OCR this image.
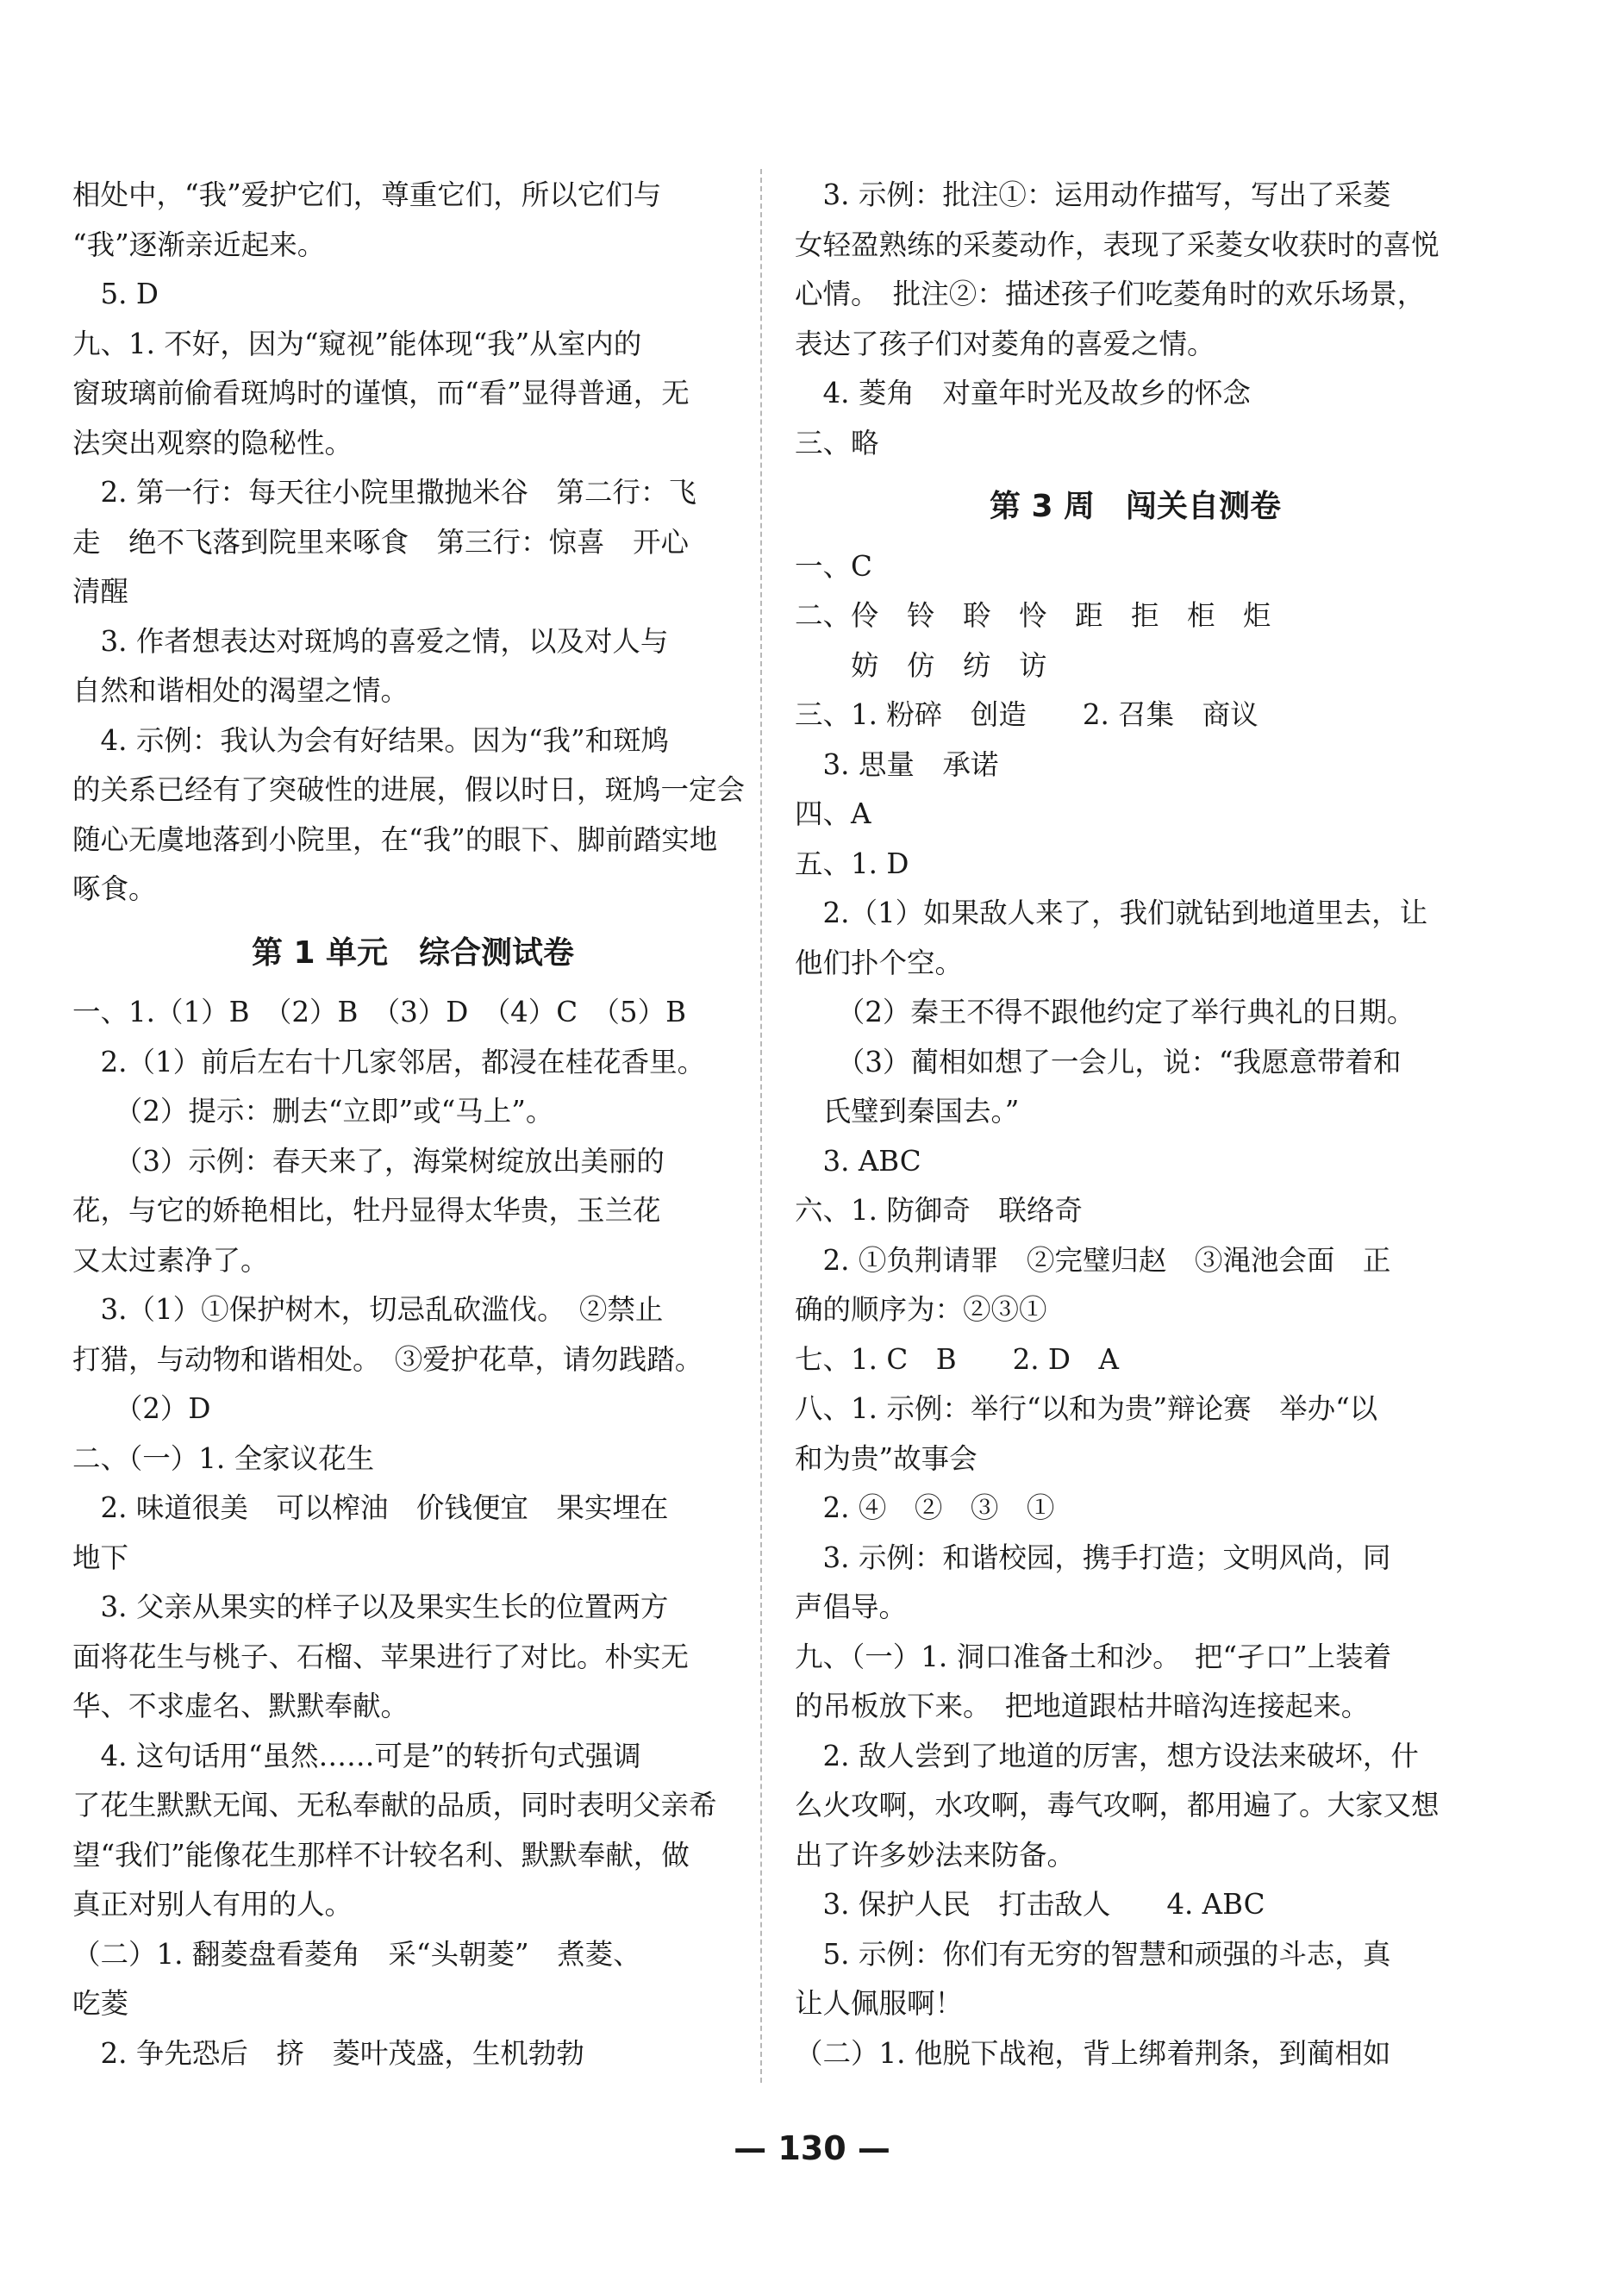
相处中，“我”爱护它们，尊重它们，所以它们与
“我”逐渐亲近起来。
　5. D
九、1. 不好，因为“窥视”能体现“我”从室内的
窗玻璃前偷看斑鸠时的谨慎，而“看”显得普通，无
法突出观察的隐秘性。
　2. 第一行：每天往小院里撒抛米谷　第二行：飞
走　绝不飞落到院里来啄食　第三行：惊喜　开心
清醒
　3. 作者想表达对斑鸠的喜爱之情，以及对人与
自然和谐相处的渴望之情。
　4. 示例：我认为会有好结果。因为“我”和斑鸠
的关系已经有了突破性的进展，假以时日，斑鸠一定会
随心无虞地落到小院里，在“我”的眼下、脚前踏实地
啄食。
第 1 单元　综合测试卷
一、1.（1）B　（2）B　（3）D　（4）C　（5）B
　2.（1）前后左右十几家邻居，都浸在桂花香里。
　　（2）提示：删去“立即”或“马上”。
　　（3）示例：春天来了，海棠树绽放出美丽的
花，与它的娇艳相比，牡丹显得太华贵，玉兰花
又太过素净了。
　3.（1）①保护树木，切忌乱砍滥伐。　②禁止
打猎，与动物和谐相处。　③爱护花草，请勿践踏。
　　（2）D
二、（一）1. 全家议花生
　2. 味道很美　可以榨油　价钱便宜　果实埋在
地下
　3. 父亲从果实的样子以及果实生长的位置两方
面将花生与桃子、石榴、苹果进行了对比。朴实无
华、不求虚名、默默奉献。
　4. 这句话用“虽然……可是”的转折句式强调
了花生默默无闻、无私奉献的品质，同时表明父亲希
望“我们”能像花生那样不计较名利、默默奉献，做
真正对别人有用的人。
（二）1. 翻菱盘看菱角　采“头朝菱”　煮菱、
吃菱
　2. 争先恐后　挤　菱叶茂盛，生机勃勃
　3. 示例：批注①：运用动作描写，写出了采菱
女轻盈熟练的采菱动作，表现了采菱女收获时的喜悦
心情。　批注②：描述孩子们吃菱角时的欢乐场景，
表达了孩子们对菱角的喜爱之情。
　4. 菱角　对童年时光及故乡的怀念
三、略
第 3 周　闯关自测卷
一、C
二、伶　铃　聆　怜　距　拒　柜　炬
　　妨　仿　纺　访
三、1. 粉碎　创造　　2. 召集　商议
　3. 思量　承诺
四、A
五、1. D
　2.（1）如果敌人来了，我们就钻到地道里去，让
他们扑个空。
　　（2）秦王不得不跟他约定了举行典礼的日期。
　　（3）蔺相如想了一会儿，说：“我愿意带着和
　氏璧到秦国去。”
　3. ABC
六、1. 防御奇　联络奇
　2. ①负荆请罪　②完璧归赵　③渑池会面　正
确的顺序为：②③①
七、1. C　B　　2. D　A
八、1. 示例：举行“以和为贵”辩论赛　举办“以
和为贵”故事会
　2. ④　②　③　①
　3. 示例：和谐校园，携手打造；文明风尚，同
声倡导。
九、（一）1. 洞口准备土和沙。　把“孑口”上装着
的吊板放下来。　把地道跟枯井暗沟连接起来。
　2. 敌人尝到了地道的厉害，想方设法来破坏，什
么火攻啊，水攻啊，毒气攻啊，都用遍了。大家又想
出了许多妙法来防备。
　3. 保护人民　打击敌人　　4. ABC
　5. 示例：你们有无穷的智慧和顽强的斗志，真
让人佩服啊！
（二）1. 他脱下战袍，背上绑着荆条，到蔺相如
— 130 —
